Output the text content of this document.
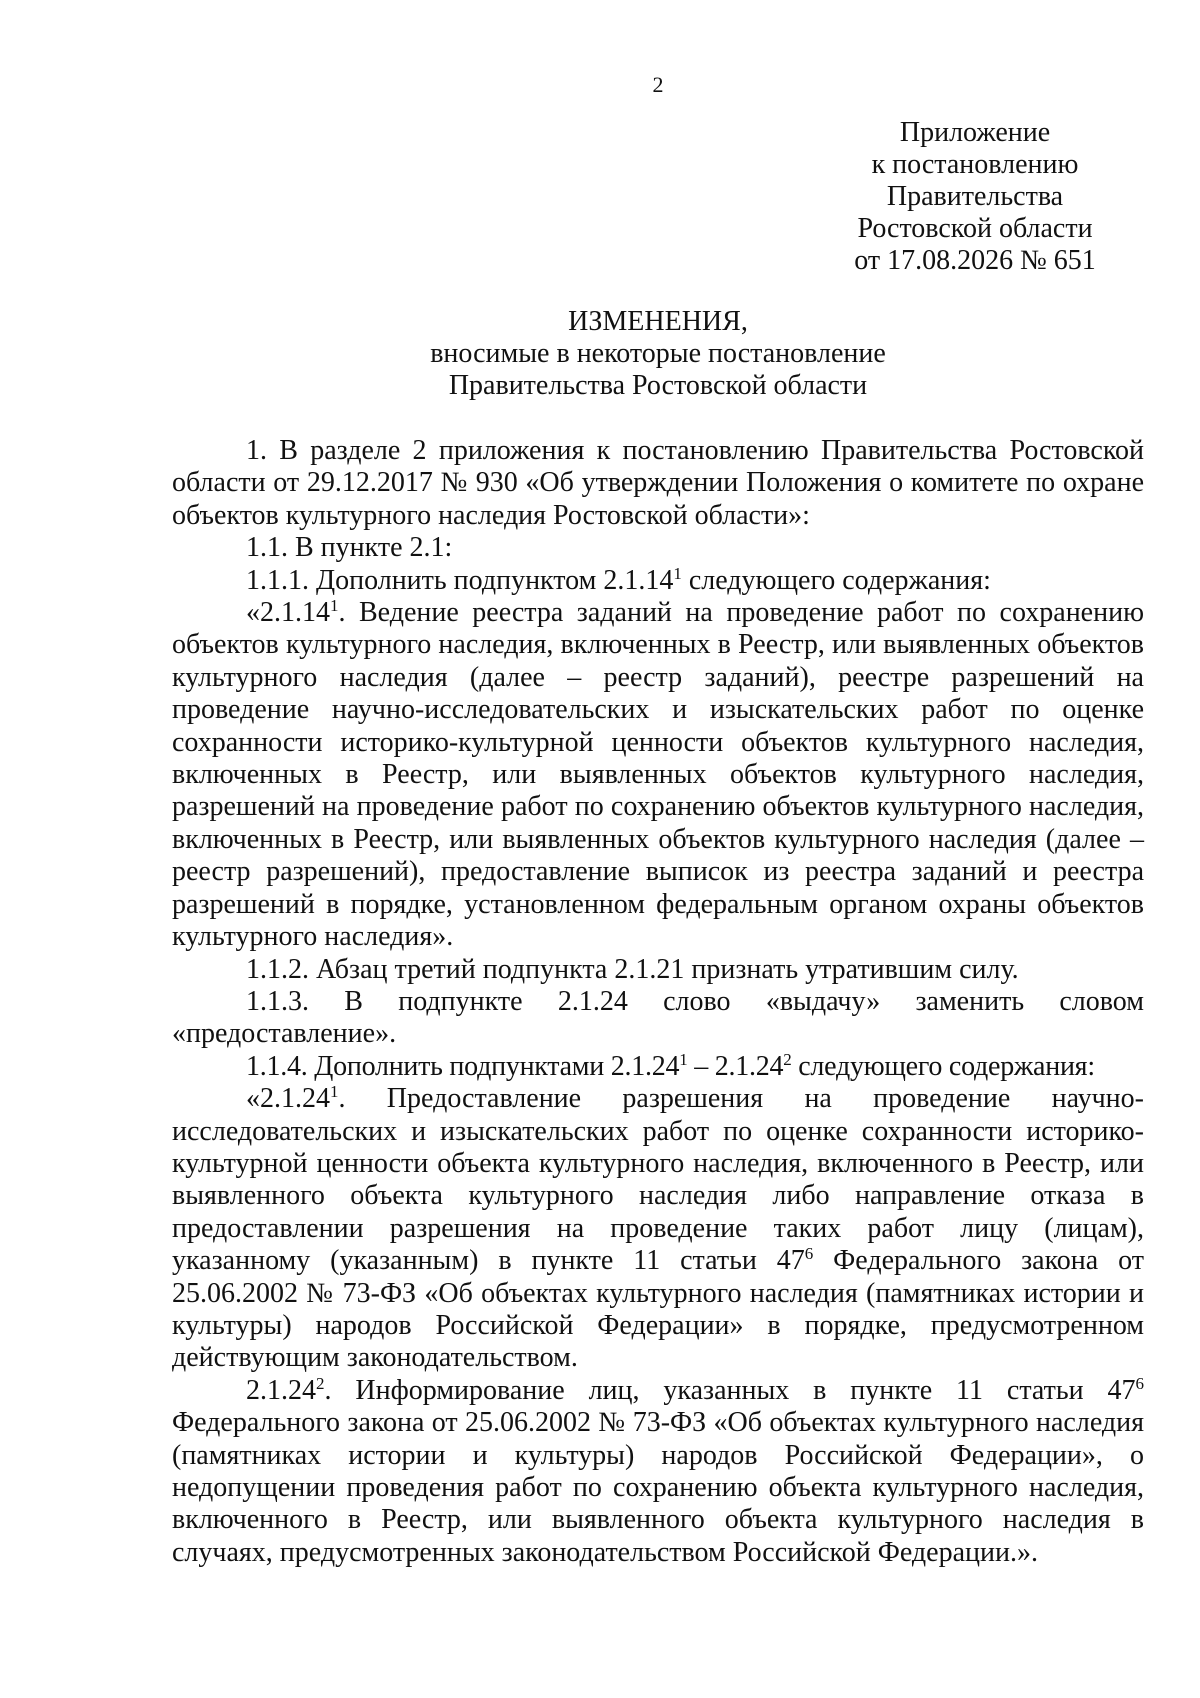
2
Приложение
к постановлению
Правительства
Ростовской области
от 17.08.2026 № 651
ИЗМЕНЕНИЯ,
вносимые в некоторые постановление
Правительства Ростовской области

1. В разделе 2 приложения к постановлению Правительства Ростовской области от 29.12.2017 № 930 «Об утверждении Положения о комитете по охране объектов культурного наследия Ростовской области»:

1.1. В пункте 2.1:

1.1.1. Дополнить подпунктом 2.1.14$^1$ следующего содержания:

«2.1.14$^1$. Ведение реестра заданий на проведение работ по сохранению объектов культурного наследия, включенных в Реестр, или выявленных объектов культурного наследия (далее – реестр заданий), реестре разрешений на проведение научно-исследовательских и изыскательских работ по оценке сохранности историко-культурной ценности объектов культурного наследия, включенных в Реестр, или выявленных объектов культурного наследия, разрешений на проведение работ по сохранению объектов культурного наследия, включенных в Реестр, или выявленных объектов культурного наследия (далее – реестр разрешений), предоставление выписок из реестра заданий и реестра разрешений в порядке, установленном федеральным органом охраны объектов культурного наследия».

1.1.2. Абзац третий подпункта 2.1.21 признать утратившим силу.

1.1.3. В подпункте 2.1.24 слово «выдачу» заменить словом «предоставление».

1.1.4. Дополнить подпунктами 2.1.24$^1$ – 2.1.24$^2$ следующего содержания:

«2.1.24$^1$. Предоставление разрешения на проведение научно-исследовательских и изыскательских работ по оценке сохранности историко-культурной ценности объекта культурного наследия, включенного в Реестр, или выявленного объекта культурного наследия либо направление отказа в предоставлении разрешения на проведение таких работ лицу (лицам), указанному (указанным) в пункте 11 статьи $47^6$ Федерального закона от 25.06.2002 № 73-ФЗ «Об объектах культурного наследия (памятниках истории и культуры) народов Российской Федерации» в порядке, предусмотренном действующим законодательством.

2.1.24$^2$. Информирование лиц, указанных в пункте 11 статьи $47^6$ Федерального закона от 25.06.2002 № 73-ФЗ «Об объектах культурного наследия (памятниках истории и культуры) народов Российской Федерации», о недопущении проведения работ по сохранению объекта культурного наследия, включенного в Реестр, или выявленного объекта культурного наследия в случаях, предусмотренных законодательством Российской Федерации.».
